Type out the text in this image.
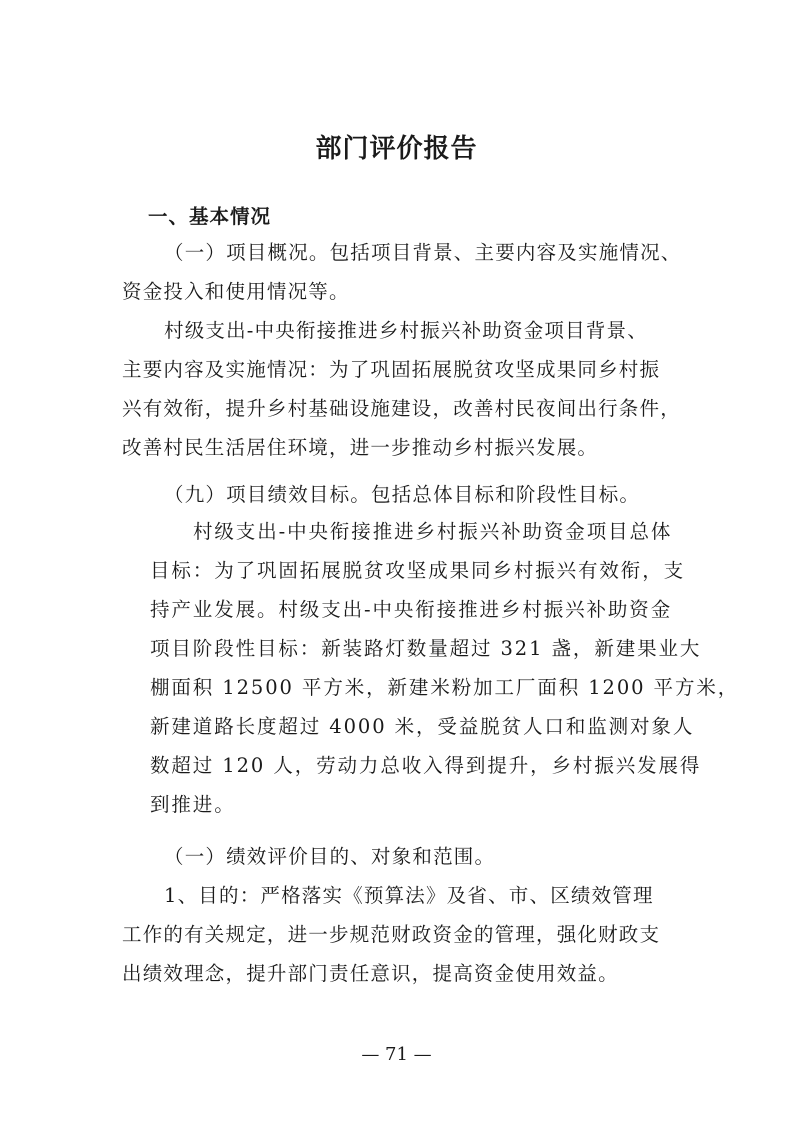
部门评价报告

一、基本情况

（一）项目概况。包括项目背景、主要内容及实施情况、

资金投入和使用情况等。

村级支出-中央衔接推进乡村振兴补助资金项目背景、

主要内容及实施情况：为了巩固拓展脱贫攻坚成果同乡村振

兴有效衔，提升乡村基础设施建设，改善村民夜间出行条件，

改善村民生活居住环境，进一步推动乡村振兴发展。

（九）项目绩效目标。包括总体目标和阶段性目标。

村级支出-中央衔接推进乡村振兴补助资金项目总体

目标：为了巩固拓展脱贫攻坚成果同乡村振兴有效衔，支

持产业发展。村级支出-中央衔接推进乡村振兴补助资金

项目阶段性目标：新装路灯数量超过 321 盏，新建果业大

棚面积 12500 平方米，新建米粉加工厂面积 1200 平方米，

新建道路长度超过 4000 米，受益脱贫人口和监测对象人

数超过 120 人，劳动力总收入得到提升，乡村振兴发展得

到推进。

（一）绩效评价目的、对象和范围。

1、目的：严格落实《预算法》及省、市、区绩效管理

工作的有关规定，进一步规范财政资金的管理，强化财政支

出绩效理念，提升部门责任意识，提高资金使用效益。

— 71 —
